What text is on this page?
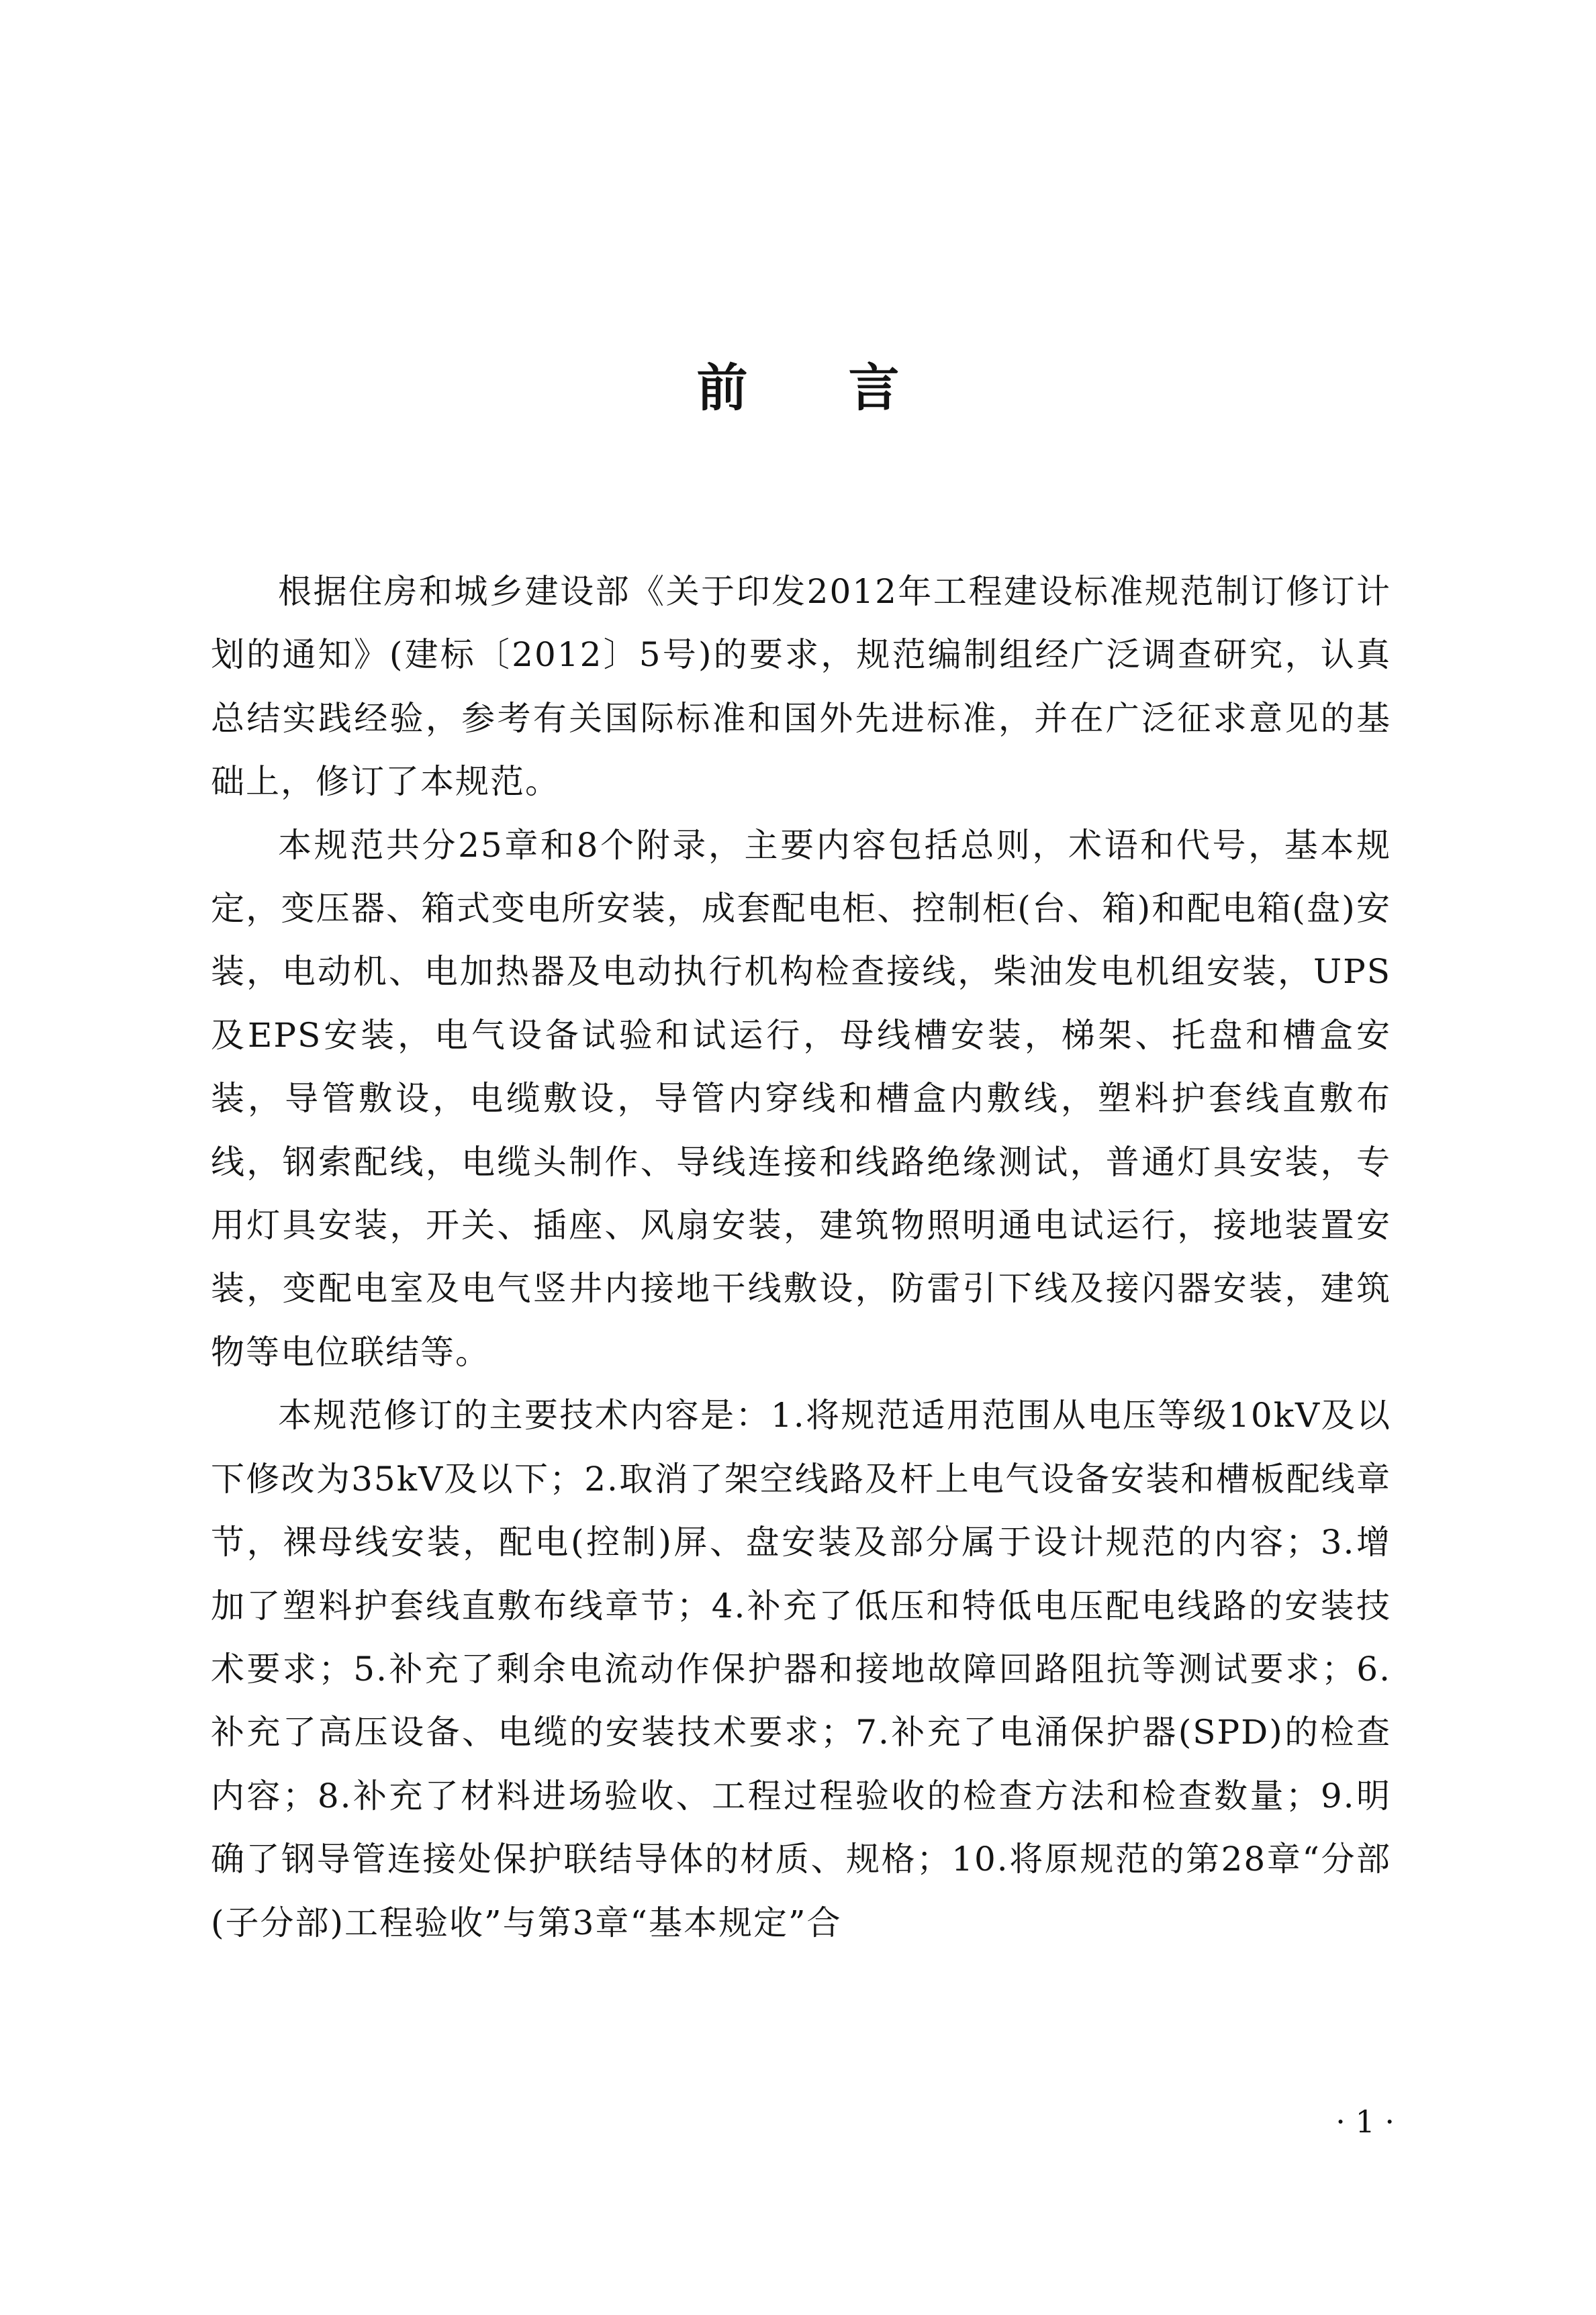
前 言

根据住房和城乡建设部《关于印发2012年工程建设标准规范制订修订计划的通知》(建标〔2012〕5号)的要求，规范编制组经广泛调查研究，认真总结实践经验，参考有关国际标准和国外先进标准，并在广泛征求意见的基础上，修订了本规范。

本规范共分25章和8个附录，主要内容包括总则，术语和代号，基本规定，变压器、箱式变电所安装，成套配电柜、控制柜(台、箱)和配电箱(盘)安装，电动机、电加热器及电动执行机构检查接线，柴油发电机组安装，UPS及EPS安装，电气设备试验和试运行，母线槽安装，梯架、托盘和槽盒安装，导管敷设，电缆敷设，导管内穿线和槽盒内敷线，塑料护套线直敷布线，钢索配线，电缆头制作、导线连接和线路绝缘测试，普通灯具安装，专用灯具安装，开关、插座、风扇安装，建筑物照明通电试运行，接地装置安装，变配电室及电气竖井内接地干线敷设，防雷引下线及接闪器安装，建筑物等电位联结等。

本规范修订的主要技术内容是：1.将规范适用范围从电压等级10kV及以下修改为35kV及以下；2.取消了架空线路及杆上电气设备安装和槽板配线章节，裸母线安装，配电(控制)屏、盘安装及部分属于设计规范的内容；3.增加了塑料护套线直敷布线章节；4.补充了低压和特低电压配电线路的安装技术要求；5.补充了剩余电流动作保护器和接地故障回路阻抗等测试要求；6.补充了高压设备、电缆的安装技术要求；7.补充了电涌保护器(SPD)的检查内容；8.补充了材料进场验收、工程过程验收的检查方法和检查数量；9.明确了钢导管连接处保护联结导体的材质、规格；10.将原规范的第28章“分部(子分部)工程验收”与第3章“基本规定”合

· 1 ·
